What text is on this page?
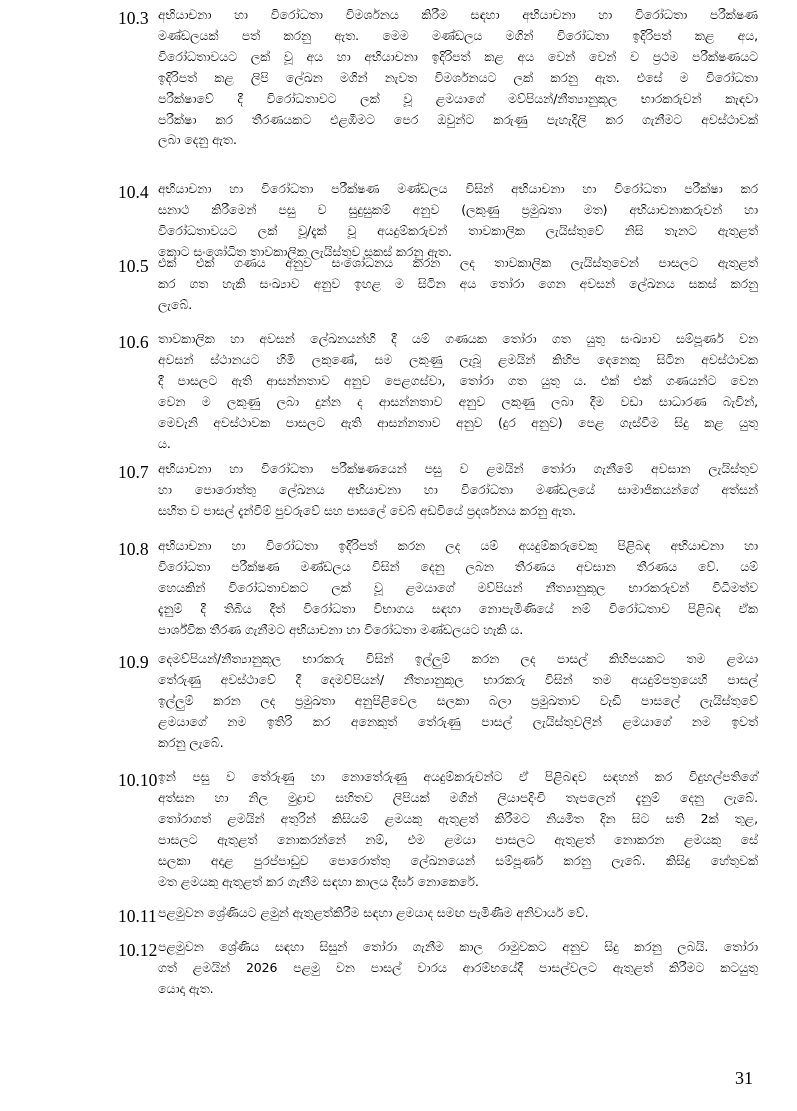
10.3 අභියාචනා හා විරෝධතා විමර්ශනය කිරීම සඳහා අභියාචනා හා විරෝධතා පරීක්ෂණ
මණ්ඩලයක් පත් කරනු ඇත. මෙම මණ්ඩලය මගින් විරෝධතා ඉදිරිපත් කළ අය,
විරෝධතාවයට ලක් වූ අය හා අභියාචනා ඉදිරිපත් කළ අය වෙන් වෙන් ව ප්‍රථම පරීක්ෂණයට
ඉදිරිපත් කළ ලිපි ලේඛන මගින් නැවත විමර්ශනයට ලක් කරනු ඇත. එසේ ම විරෝධතා
පරීක්ෂාවේ දී විරෝධතාවට ලක් වූ ළමයාගේ මව්පියන්/නීත්‍යානුකූල භාරකරුවන් කැඳවා
පරීක්ෂා කර තීරණයකට එළඹීමට පෙර ඔවුන්ට කරුණු පැහැදිලි කර ගැනීමට අවස්ථාවක්
ලබා දෙනු ඇත.
10.4 අභියාචනා හා විරෝධතා පරීක්ෂණ මණ්ඩලය විසින් අභියාචනා හා විරෝධතා පරීක්ෂා කර
සනාථ කිරීමෙන් පසු ව සුදුසුකම් අනුව (ලකුණු ප්‍රමුඛතා මත) අභියාචනාකරුවන් හා
විරෝධතාවයට ලක් වූ/දැක් වූ අයදුම්කරුවන් තාවකාලික ලැයිස්තුවේ නිසි තැනට ඇතුළත්
කොට සංශෝධිත තාවකාලික ලැයිස්තුව සකස් කරනු ඇත.
10.5 එක් එක් ගණය අනුව සංශෝධනය කරන ලද තාවකාලික ලැයිස්තුවෙන් පාසලට ඇතුළත්
කර ගත හැකි සංඛ්‍යාව අනුව ඉහළ ම සිටින අය තෝරා ගෙන අවසන් ලේඛනය සකස් කරනු
ලැබේ.
10.6 තාවකාලික හා අවසන් ලේඛනයන්හි දී යම් ගණයක තෝරා ගත යුතු සංඛ්‍යාව සම්පූර්ණ වන
අවසන් ස්ථානයට හිමි ලකුණේ, සම ලකුණු ලැබූ ළමයින් කිහිප දෙනෙකු සිටින අවස්ථාවක
දී පාසලට ඇති ආසන්නතාව අනුව පෙළගස්වා, තෝරා ගත යුතු ය. එක් එක් ගණයන්ට වෙන
වෙන ම ලකුණු ලබා දුන්න ද ආසන්නතාව අනුව ලකුණු ලබා දීම වඩා සාධාරණ බැවින්,
මෙවැනි අවස්ථාවක පාසලට ඇති ආසන්නතාව අනුව (දුර අනුව) පෙළ ගැස්වීම සිදු කළ යුතු
ය.
10.7 අභියාචනා හා විරෝධතා පරීක්ෂණයෙන් පසු ව ළමයින් තෝරා ගැනීමේ අවසාන ලැයිස්තුව
හා පොරොත්තු ලේඛනය අභියාචනා හා විරෝධතා මණ්ඩලයේ සාමාජිකයන්ගේ අත්සන්
සහිත ව පාසල් දැන්වීම් පුවරුවේ සහ පාසලේ වෙබ් අඩවියේ ප්‍රදර්ශනය කරනු ඇත.
10.8 අභියාචනා හා විරෝධතා ඉදිරිපත් කරන ලද යම් අයදුම්කරුවෙකු පිළිබඳ අභියාචනා හා
විරෝධතා පරීක්ෂණ මණ්ඩලය විසින් දෙනු ලබන තීරණය අවසාන තීරණය වේ. යම්
හෙයකින් විරෝධතාවකට ලක් වූ ළමයාගේ මව්පියන් නීත්‍යානුකූල භාරකරුවන් විධිමත්ව
දැනුම් දී තිබිය දීත් විරෝධතා විභාගය සඳහා නොපැමිණියේ නම් විරෝධතාව පිළිබඳ ඒක
පාර්ශ්වික තීරණ ගැනීමට අභියාචනා හා විරෝධතා මණ්ඩලයට හැකි ය.
10.9 දෙමව්පියන්/නීත්‍යානුකූල භාරකරු විසින් ඉල්ලුම් කරන ලද පාසල් කිහිපයකට තම ළමයා
තේරුණු අවස්ථාවේ දී දෙමව්පියන්/ නීත්‍යානුකූල භාරකරු විසින් තම අයදුම්පත්‍රයෙහි පාසල්
ඉල්ලුම් කරන ලද ප්‍රමුඛතා අනුපිළිවෙල සලකා බලා ප්‍රමුඛතාව වැඩි පාසලේ ලැයිස්තුවේ
ළමයාගේ නම ඉතිරි කර අනෙකුත් තේරුණු පාසල් ලැයිස්තුවලින් ළමයාගේ නම ඉවත්
කරනු ලැබේ.
10.10 ඉන් පසු ව තේරුණු හා නොතේරුණු අයදුම්කරුවන්ට ඒ පිළිබඳව සඳහන් කර විදුහල්පතිගේ
අත්සන හා නිල මුද්‍රාව සහිතව ලිපියක් මගින් ලියාපදිංචි තැපලෙන් දැනුම් දෙනු ලැබේ.
තෝරාගත් ළමයින් අතුරින් කිසියම් ළමයකු ඇතුළත් කිරීමට නියමිත දින සිට සති 2ක් තුළ,
පාසලට ඇතුළත් නොකරන්නේ නම්, එම ළමයා පාසලට ඇතුළත් නොකරන ළමයකු සේ
සලකා අදාළ පුරප්පාඩුව පොරොත්තු ලේඛනයෙන් සම්පූර්ණ කරනු ලැබේ. කිසිදු හේතුවක්
මත ළමයකු ඇතුළත් කර ගැනීම සඳහා කාලය දීර්ඝ නොකෙරේ.
10.11 පළමුවන ශ්‍රේණියට ළමුන් ඇතුළත්කිරීම සඳහා ළමයාද සමඟ පැමිණීම අනිවාර්ය වේ.
10.12 පළමුවන ශ්‍රේණිය සඳහා සිසුන් තෝරා ගැනීම කාල රාමුවකට අනුව සිදු කරනු ලබයි. තෝරා
ගත් ළමයින් 2026 පළමු වන පාසල් වාරය ආරම්භයේදී පාසල්වලට ඇතුළත් කිරීමට කටයුතු
යොදා ඇත.
31
